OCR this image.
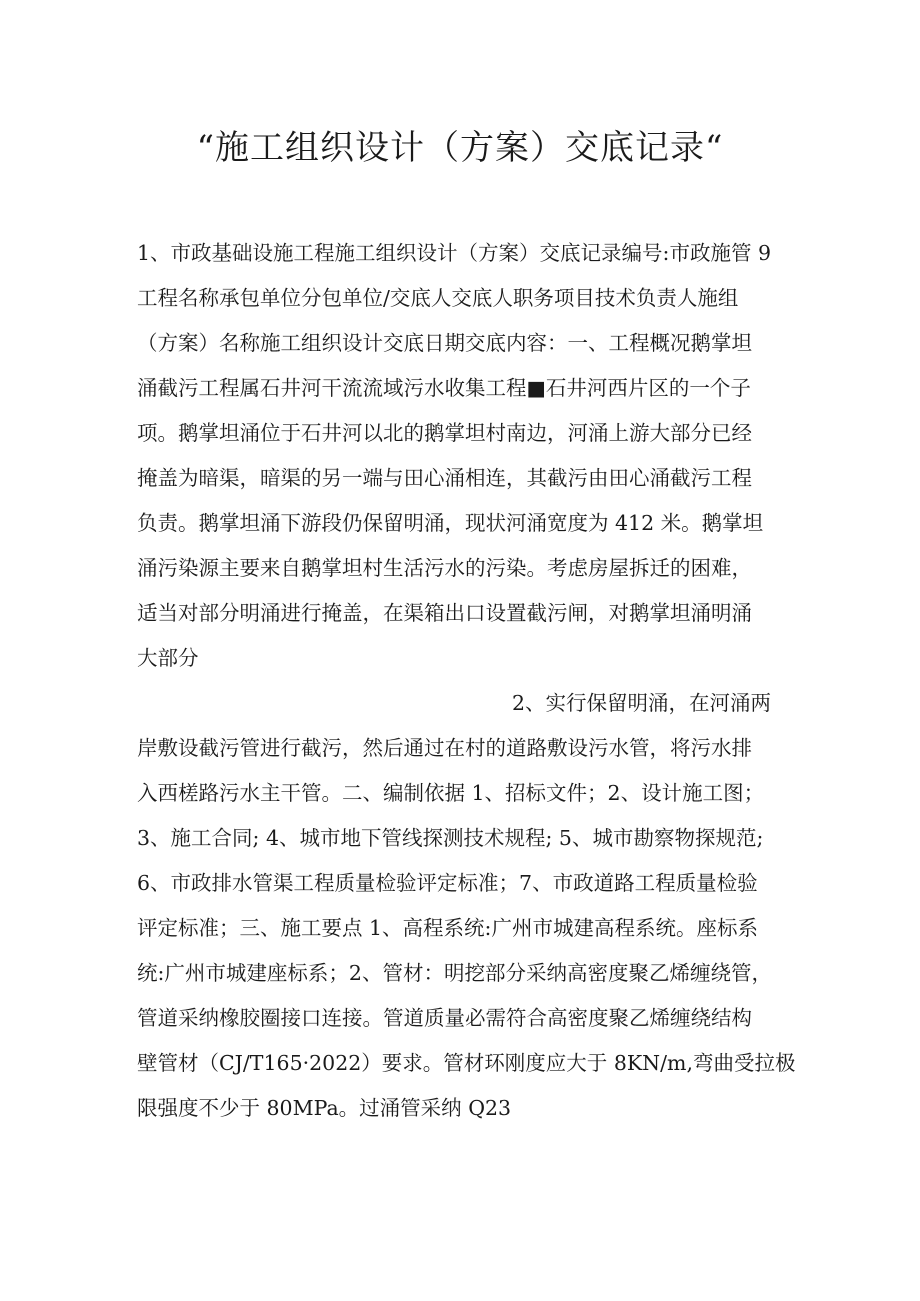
“施工组织设计（方案）交底记录“
1、市政基础设施工程施工组织设计（方案）交底记录编号:市政施管 9
工程名称承包单位分包单位/交底人交底人职务项目技术负责人施组
（方案）名称施工组织设计交底日期交底内容：一、工程概况鹅掌坦
涌截污工程属石井河干流流域污水收集工程■石井河西片区的一个子
项。鹅掌坦涌位于石井河以北的鹅掌坦村南边，河涌上游大部分已经
掩盖为暗渠，暗渠的另一端与田心涌相连，其截污由田心涌截污工程
负责。鹅掌坦涌下游段仍保留明涌，现状河涌宽度为 412 米。鹅掌坦
涌污染源主要来自鹅掌坦村生活污水的污染。考虑房屋拆迁的困难，
适当对部分明涌进行掩盖，在渠箱出口设置截污闸，对鹅掌坦涌明涌
大部分
2、实行保留明涌，在河涌两
岸敷设截污管进行截污，然后通过在村的道路敷设污水管，将污水排
入西槎路污水主干管。二、编制依据 1、招标文件；2、设计施工图；
3、施工合同; 4、城市地下管线探测技术规程; 5、城市勘察物探规范;
6、市政排水管渠工程质量检验评定标准；7、市政道路工程质量检验
评定标准；三、施工要点 1、高程系统:广州市城建高程系统。座标系
统:广州市城建座标系；2、管材：明挖部分采纳高密度聚乙烯缠绕管，
管道采纳橡胶圈接口连接。管道质量必需符合高密度聚乙烯缠绕结构
壁管材（CJ/T165·2022）要求。管材环刚度应大于 8KN/m,弯曲受拉极
限强度不少于 80MPa。过涌管采纳 Q23
